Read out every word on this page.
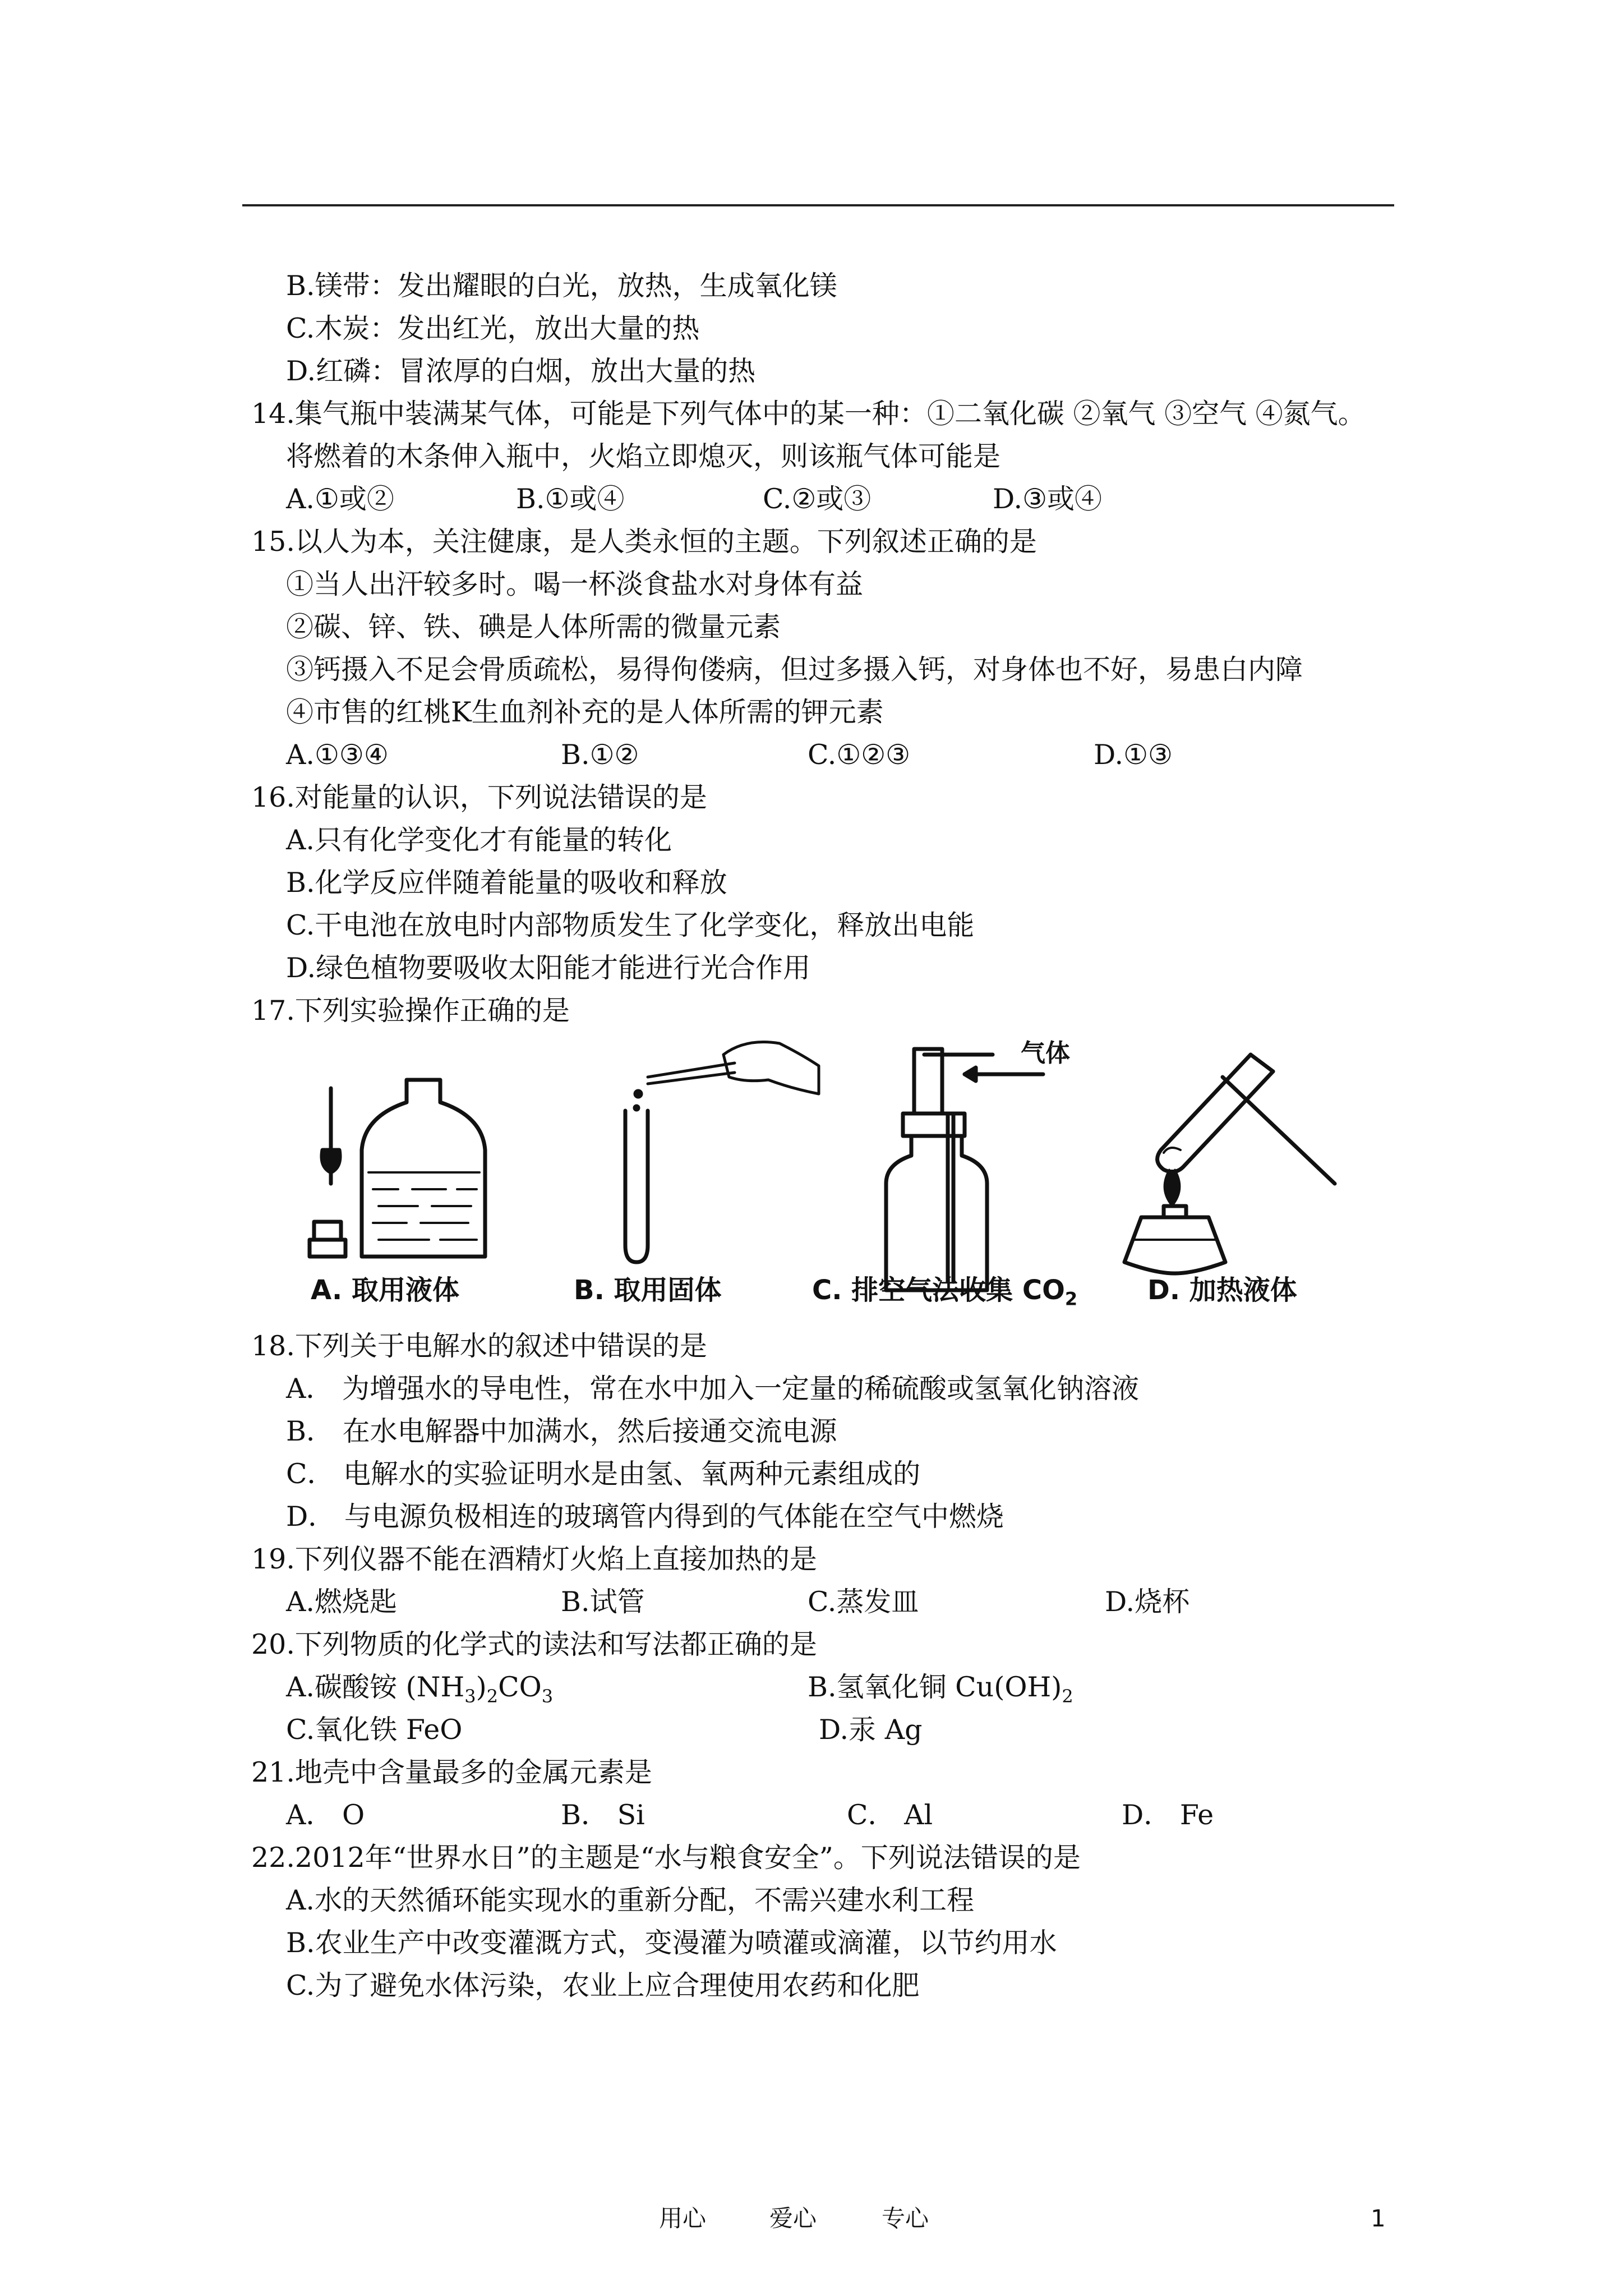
B.镁带：发出耀眼的白光，放热，生成氧化镁
C.木炭：发出红光，放出大量的热
D.红磷：冒浓厚的白烟，放出大量的热
14.集气瓶中装满某气体，可能是下列气体中的某一种：①二氧化碳 ②氧气 ③空气 ④氮气。
将燃着的木条伸入瓶中，火焰立即熄灭，则该瓶气体可能是
A.①或②	B.①或④	C.②或③	D.③或④
15.以人为本，关注健康，是人类永恒的主题。下列叙述正确的是
①当人出汗较多时。喝一杯淡食盐水对身体有益
②碳、锌、铁、碘是人体所需的微量元素
③钙摄入不足会骨质疏松，易得佝偻病，但过多摄入钙，对身体也不好，易患白内障
④市售的红桃K生血剂补充的是人体所需的钾元素
A.①③④	B.①②	C.①②③	D.①③
16.对能量的认识，下列说法错误的是
A.只有化学变化才有能量的转化
B.化学反应伴随着能量的吸收和释放
C.干电池在放电时内部物质发生了化学变化，释放出电能
D.绿色植物要吸收太阳能才能进行光合作用
17.下列实验操作正确的是
气体
A. 取用液体	B. 取用固体	C. 排空气法收集 $CO_2$	D. 加热液体
18.下列关于电解水的叙述中错误的是
A． 为增强水的导电性，常在水中加入一定量的稀硫酸或氢氧化钠溶液
B． 在水电解器中加满水，然后接通交流电源
C． 电解水的实验证明水是由氢、氧两种元素组成的
D． 与电源负极相连的玻璃管内得到的气体能在空气中燃烧
19.下列仪器不能在酒精灯火焰上直接加热的是
A.燃烧匙	B.试管	C.蒸发皿	D.烧杯
20.下列物质的化学式的读法和写法都正确的是
A.碳酸铵 $(NH_3)_2CO_3$	B.氢氧化铜 $Cu(OH)_2$
C.氧化铁 FeO	D.汞 Ag
21.地壳中含量最多的金属元素是
A． O	B． Si	C． Al	D． Fe
22.2012年“世界水日”的主题是“水与粮食安全”。下列说法错误的是
A.水的天然循环能实现水的重新分配，不需兴建水利工程
B.农业生产中改变灌溉方式，变漫灌为喷灌或滴灌，以节约用水
C.为了避免水体污染，农业上应合理使用农药和化肥
用心	爱心	专心	1
